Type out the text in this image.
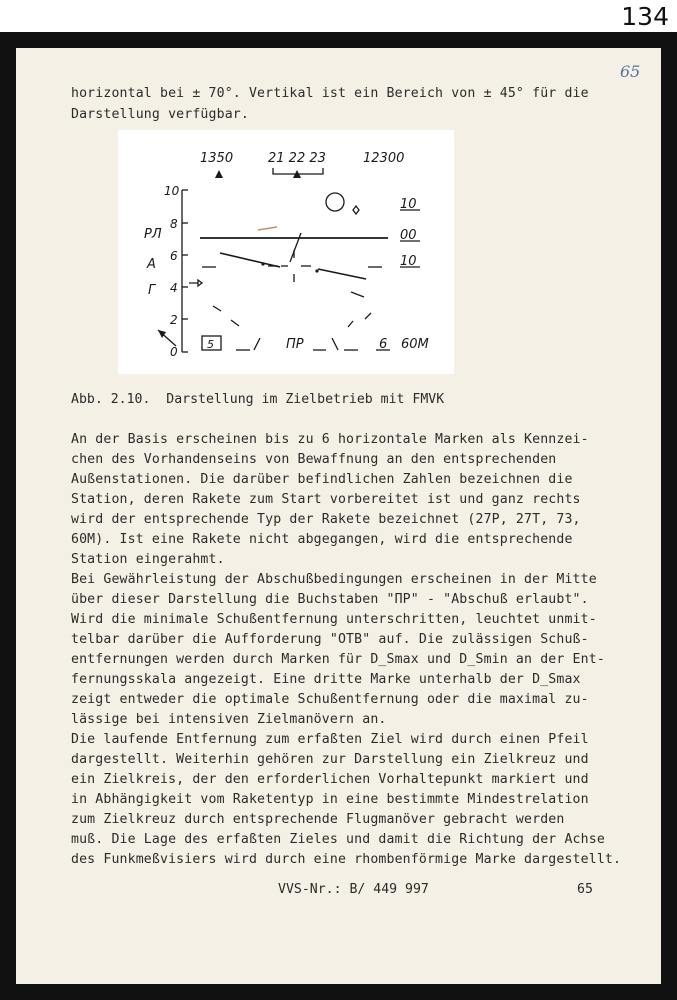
134
65
horizontal bei ± 70°. Vertikal ist ein Bereich von ± 45° für die
Darstellung verfügbar.
1350	21 22 23	12300
10
00
10
РЛ
A
Г
10
8
6
4
2
0
5	ПР	6 60M
Abb. 2.10.  Darstellung im Zielbetrieb mit FMVK
An der Basis erscheinen bis zu 6 horizontale Marken als Kennzei-
chen des Vorhandenseins von Bewaffnung an den entsprechenden
Außenstationen. Die darüber befindlichen Zahlen bezeichnen die
Station, deren Rakete zum Start vorbereitet ist und ganz rechts
wird der entsprechende Typ der Rakete bezeichnet (27P, 27T, 73,
60M). Ist eine Rakete nicht abgegangen, wird die entsprechende
Station eingerahmt.
Bei Gewährleistung der Abschußbedingungen erscheinen in der Mitte
über dieser Darstellung die Buchstaben "ПР" - "Abschuß erlaubt".
Wird die minimale Schußentfernung unterschritten, leuchtet unmit-
telbar darüber die Aufforderung "ОТВ" auf. Die zulässigen Schuß-
entfernungen werden durch Marken für D_Smax und D_Smin an der Ent-
fernungsskala angezeigt. Eine dritte Marke unterhalb der D_Smax
zeigt entweder die optimale Schußentfernung oder die maximal zu-
lässige bei intensiven Zielmanövern an.
Die laufende Entfernung zum erfaßten Ziel wird durch einen Pfeil
dargestellt. Weiterhin gehören zur Darstellung ein Zielkreuz und
ein Zielkreis, der den erforderlichen Vorhaltepunkt markiert und
in Abhängigkeit vom Raketentyp in eine bestimmte Mindestrelation
zum Zielkreuz durch entsprechende Flugmanöver gebracht werden
muß. Die Lage des erfaßten Zieles und damit die Richtung der Achse
des Funkmeßvisiers wird durch eine rhombenförmige Marke dargestellt.
VVS-Nr.: B/ 449 997	65
